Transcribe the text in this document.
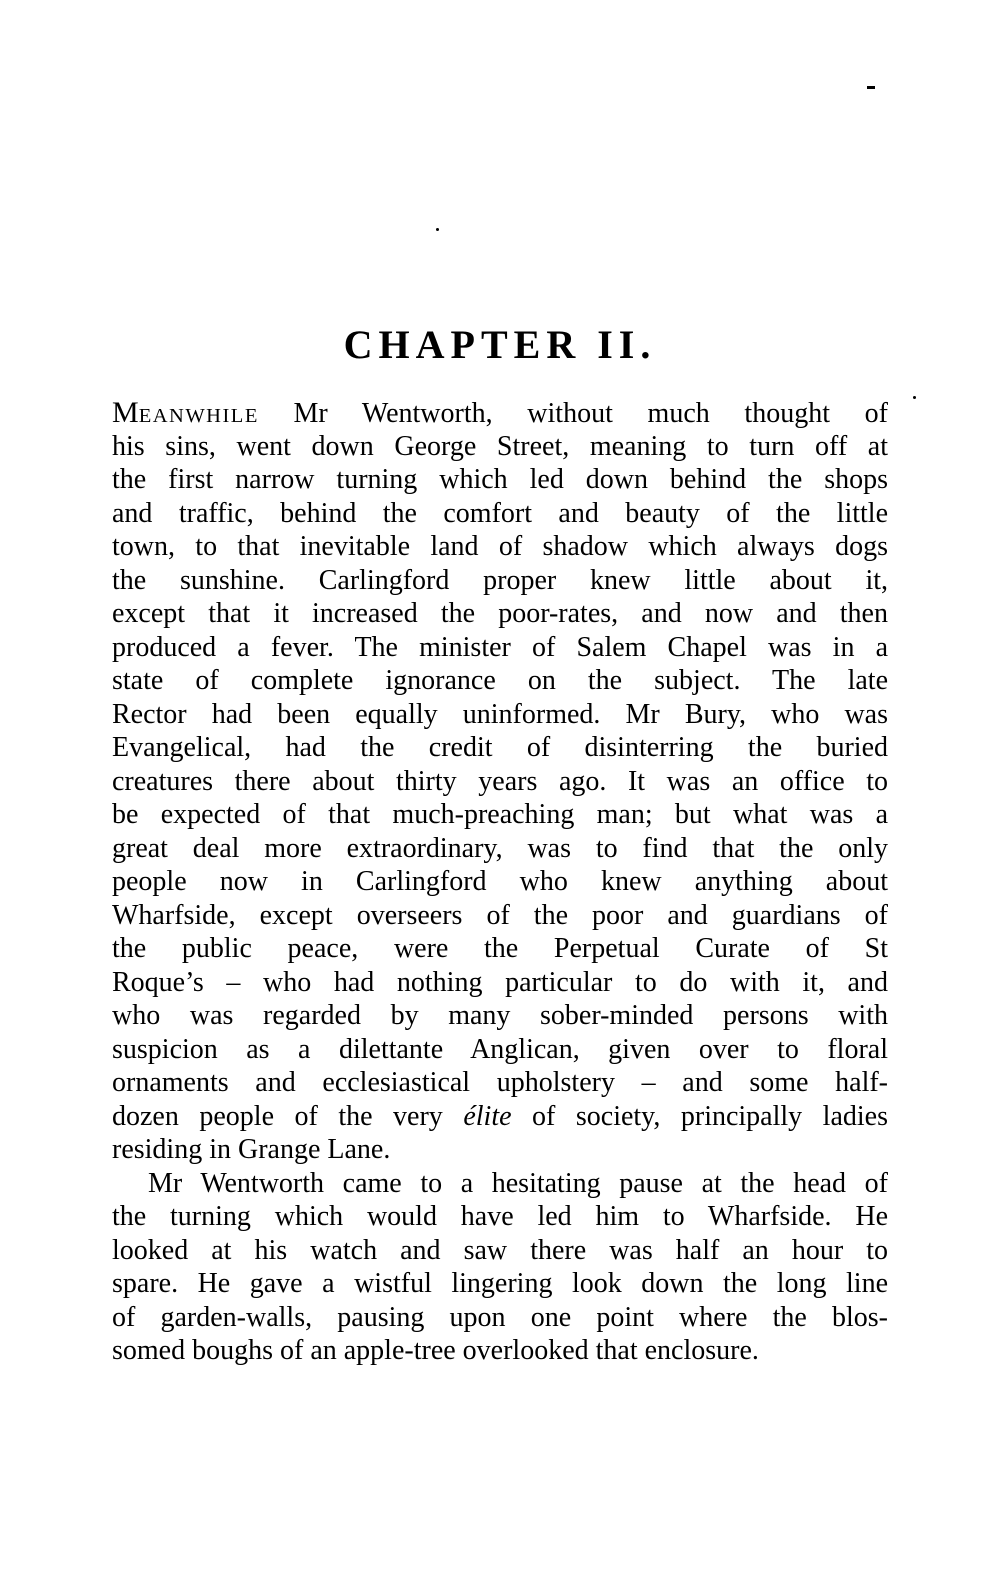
CHAPTER II.
MEANWHILE Mr Wentworth, without much thought of
his sins, went down George Street, meaning to turn off at
the first narrow turning which led down behind the shops
and traffic, behind the comfort and beauty of the little
town, to that inevitable land of shadow which always dogs
the sunshine. Carlingford proper knew little about it,
except that it increased the poor-rates, and now and then
produced a fever. The minister of Salem Chapel was in a
state of complete ignorance on the subject. The late
Rector had been equally uninformed. Mr Bury, who was
Evangelical, had the credit of disinterring the buried
creatures there about thirty years ago. It was an office to
be expected of that much-preaching man; but what was a
great deal more extraordinary, was to find that the only
people now in Carlingford who knew anything about
Wharfside, except overseers of the poor and guardians of
the public peace, were the Perpetual Curate of St
Roque’s – who had nothing particular to do with it, and
who was regarded by many sober-minded persons with
suspicion as a dilettante Anglican, given over to floral
ornaments and ecclesiastical upholstery – and some half-
dozen people of the very élite of society, principally ladies
residing in Grange Lane.
Mr Wentworth came to a hesitating pause at the head of
the turning which would have led him to Wharfside. He
looked at his watch and saw there was half an hour to
spare. He gave a wistful lingering look down the long line
of garden-walls, pausing upon one point where the blos-
somed boughs of an apple-tree overlooked that enclosure.
